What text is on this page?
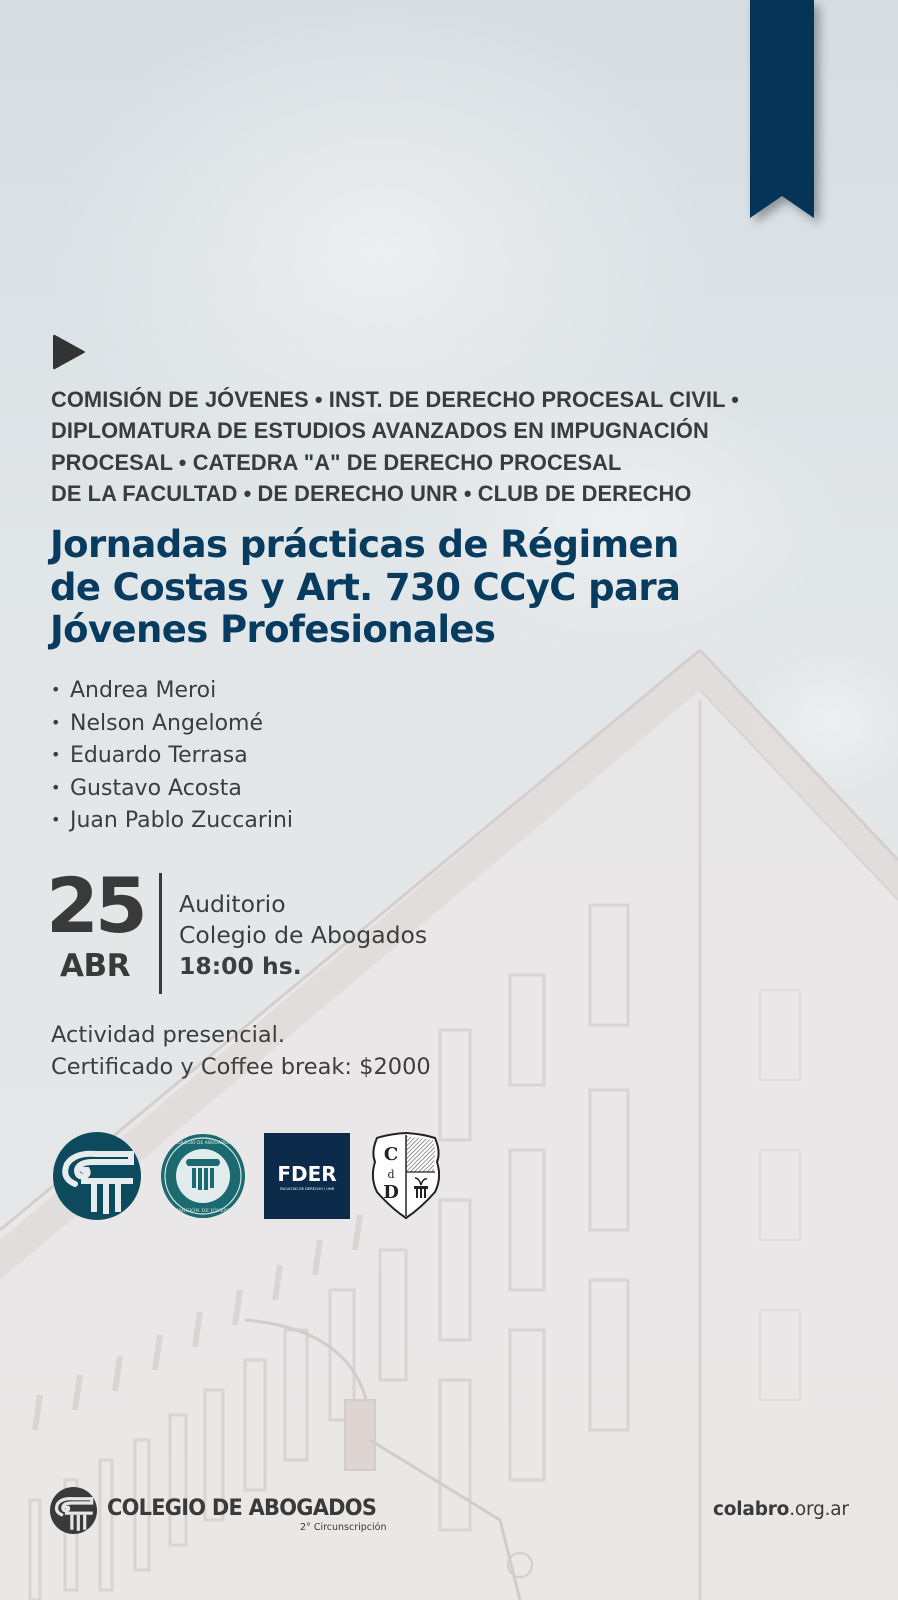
COMISIÓN DE JÓVENES • INST. DE DERECHO PROCESAL CIVIL •
DIPLOMATURA DE ESTUDIOS AVANZADOS EN IMPUGNACIÓN
PROCESAL • CATEDRA "A" DE DERECHO PROCESAL
DE LA FACULTAD • DE DERECHO UNR • CLUB DE DERECHO
Jornadas prácticas de Régimen
de Costas y Art. 730 CCyC para
Jóvenes Profesionales
• Andrea Meroi
• Nelson Angelomé
• Eduardo Terrasa
• Gustavo Acosta
• Juan Pablo Zuccarini
25
ABR
Auditorio
Colegio de Abogados
18:00 hs.
Actividad presencial.
Certificado y Coffee break: $2000
COMISIÓN DE JÓVENES
COLEGIO DE ABOGADOS
FDER
FACULTAD DE DERECHO I UNR
C
d
D
COLEGIO DE ABOGADOS
2° Circunscripción
colabro.org.ar
